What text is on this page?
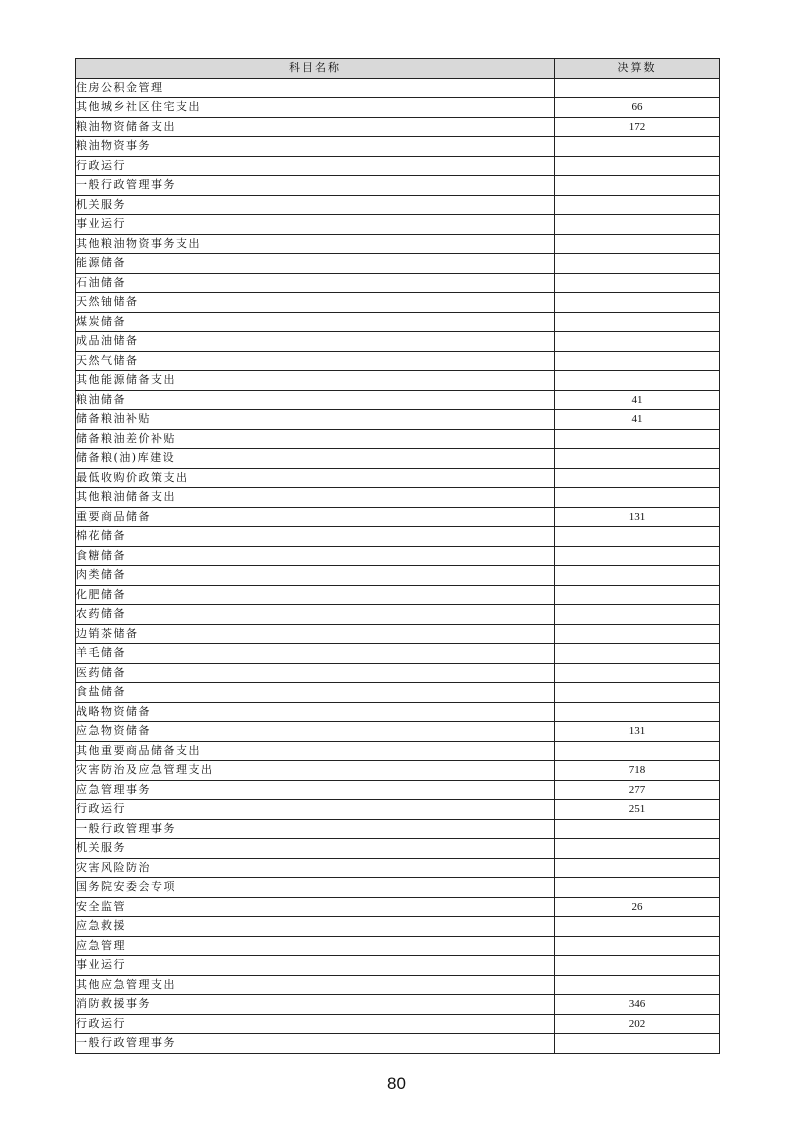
科目名称	决算数
住房公积金管理	
其他城乡社区住宅支出	66
粮油物资储备支出	172
粮油物资事务	
行政运行	
一般行政管理事务	
机关服务	
事业运行	
其他粮油物资事务支出	
能源储备	
石油储备	
天然铀储备	
煤炭储备	
成品油储备	
天然气储备	
其他能源储备支出	
粮油储备	41
储备粮油补贴	41
储备粮油差价补贴	
储备粮(油)库建设	
最低收购价政策支出	
其他粮油储备支出	
重要商品储备	131
棉花储备	
食糖储备	
肉类储备	
化肥储备	
农药储备	
边销茶储备	
羊毛储备	
医药储备	
食盐储备	
战略物资储备	
应急物资储备	131
其他重要商品储备支出	
灾害防治及应急管理支出	718
应急管理事务	277
行政运行	251
一般行政管理事务	
机关服务	
灾害风险防治	
国务院安委会专项	
安全监管	26
应急救援	
应急管理	
事业运行	
其他应急管理支出	
消防救援事务	346
行政运行	202
一般行政管理事务	
80
